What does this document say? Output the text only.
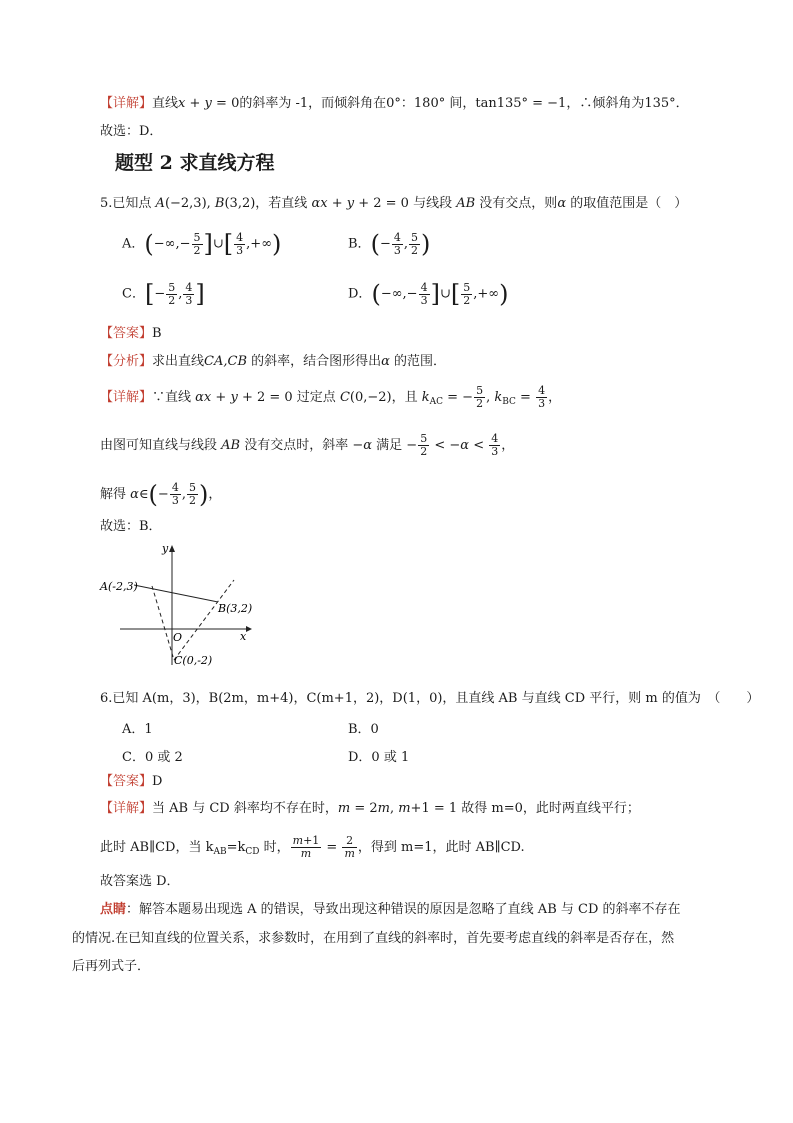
【详解】直线x + y = 0的斜率为 -1，而倾斜角在0°：180° 间，tan135° = −1，∴倾斜角为135°．
故选：D．
题型 2 求直线方程
5.已知点 A(−2,3), B(3,2)，若直线 αx + y + 2 = 0 与线段 AB 没有交点，则α 的取值范围是（　）
A．(−∞,− $\frac{5}{2}$ ]∪[ $\frac{4}{3}$ ,+∞)	B．(− $\frac{4}{3}$ , $\frac{5}{2}$ )
C．[− $\frac{5}{2}$ , $\frac{4}{3}$ ]	D．(−∞,− $\frac{4}{3}$ ]∪[ $\frac{5}{2}$ ,+∞)
【答案】B
【分析】求出直线CA,CB 的斜率，结合图形得出α 的范围．
【详解】∵直线 αx + y + 2 = 0 过定点 C(0,−2)，且 $k_{AC}$ = − $\frac{5}{2}$ , $k_{BC} = \frac{4}{3}$ ，
由图可知直线与线段 AB 没有交点时，斜率 −α 满足 − $\frac{5}{2} < -\alpha < \frac{4}{3}$ ，
解得 α∈(− $\frac{4}{3}$ , $\frac{5}{2}$ )，
故选：B．
y
x
O
A(-2,3)
B(3,2)
C(0,-2)
6.已知 A(m，3)，B(2m，m+4)，C(m+1，2)，D(1，0)，且直线 AB 与直线 CD 平行，则 m 的值为　（　　）
A．1	B．0
C．0 或 2	D．0 或 1
【答案】D
【详解】当 AB 与 CD 斜率均不存在时，m = 2m, m+1 = 1 故得 m=0，此时两直线平行；
此时 AB∥CD，当 $k_{AB}=k_{CD}$ 时， $\frac{m+1}{m} = \frac{2}{m}$ ，得到 m=1，此时 AB∥CD.
故答案选 D．
点睛：解答本题易出现选 A 的错误，导致出现这种错误的原因是忽略了直线 AB 与 CD 的斜率不存在
的情况.在已知直线的位置关系，求参数时，在用到了直线的斜率时，首先要考虑直线的斜率是否存在，然
后再列式子．
